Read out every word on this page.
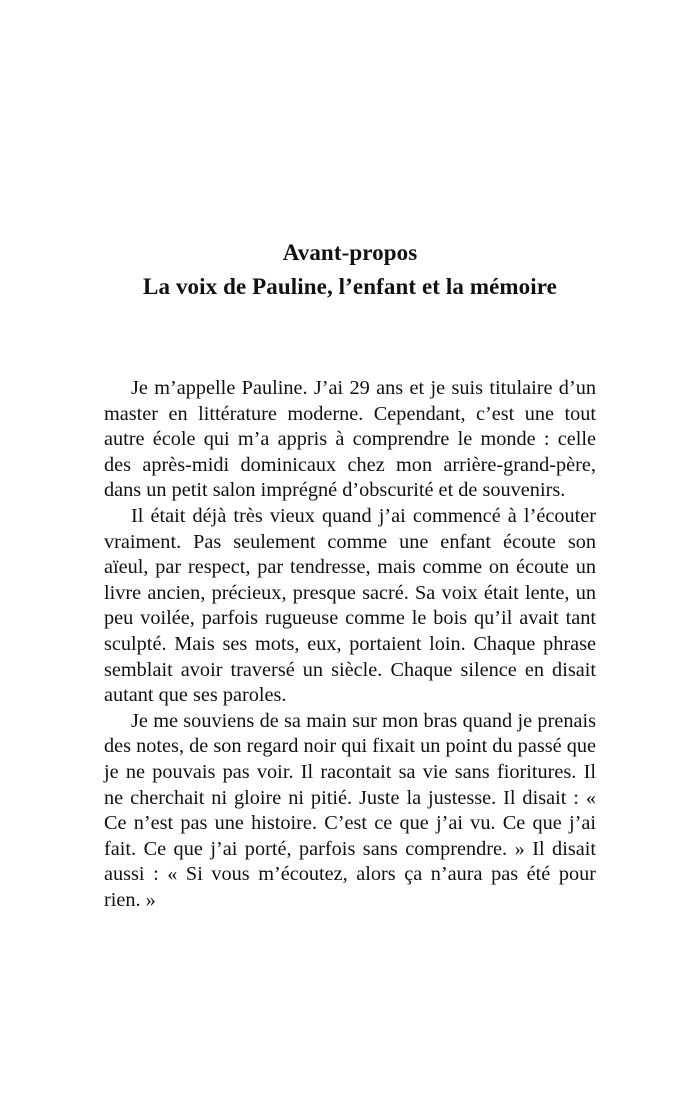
Avant-propos
La voix de Pauline, l’enfant et la mémoire

Je m’appelle Pauline. J’ai 29 ans et je suis titulaire d’un master en littérature moderne. Cependant, c’est une tout autre école qui m’a appris à comprendre le monde : celle des après-midi dominicaux chez mon arrière-grand-père, dans un petit salon imprégné d’obscurité et de souvenirs.

Il était déjà très vieux quand j’ai commencé à l’écouter vraiment. Pas seulement comme une enfant écoute son aïeul, par respect, par tendresse, mais comme on écoute un livre ancien, précieux, presque sacré. Sa voix était lente, un peu voilée, parfois rugueuse comme le bois qu’il avait tant sculpté. Mais ses mots, eux, portaient loin. Chaque phrase semblait avoir traversé un siècle. Chaque silence en disait autant que ses paroles.

Je me souviens de sa main sur mon bras quand je prenais des notes, de son regard noir qui fixait un point du passé que je ne pouvais pas voir. Il racontait sa vie sans fioritures. Il ne cherchait ni gloire ni pitié. Juste la justesse. Il disait : « Ce n’est pas une histoire. C’est ce que j’ai vu. Ce que j’ai fait. Ce que j’ai porté, parfois sans comprendre. » Il disait aussi : « Si vous m’écoutez, alors ça n’aura pas été pour rien. »
